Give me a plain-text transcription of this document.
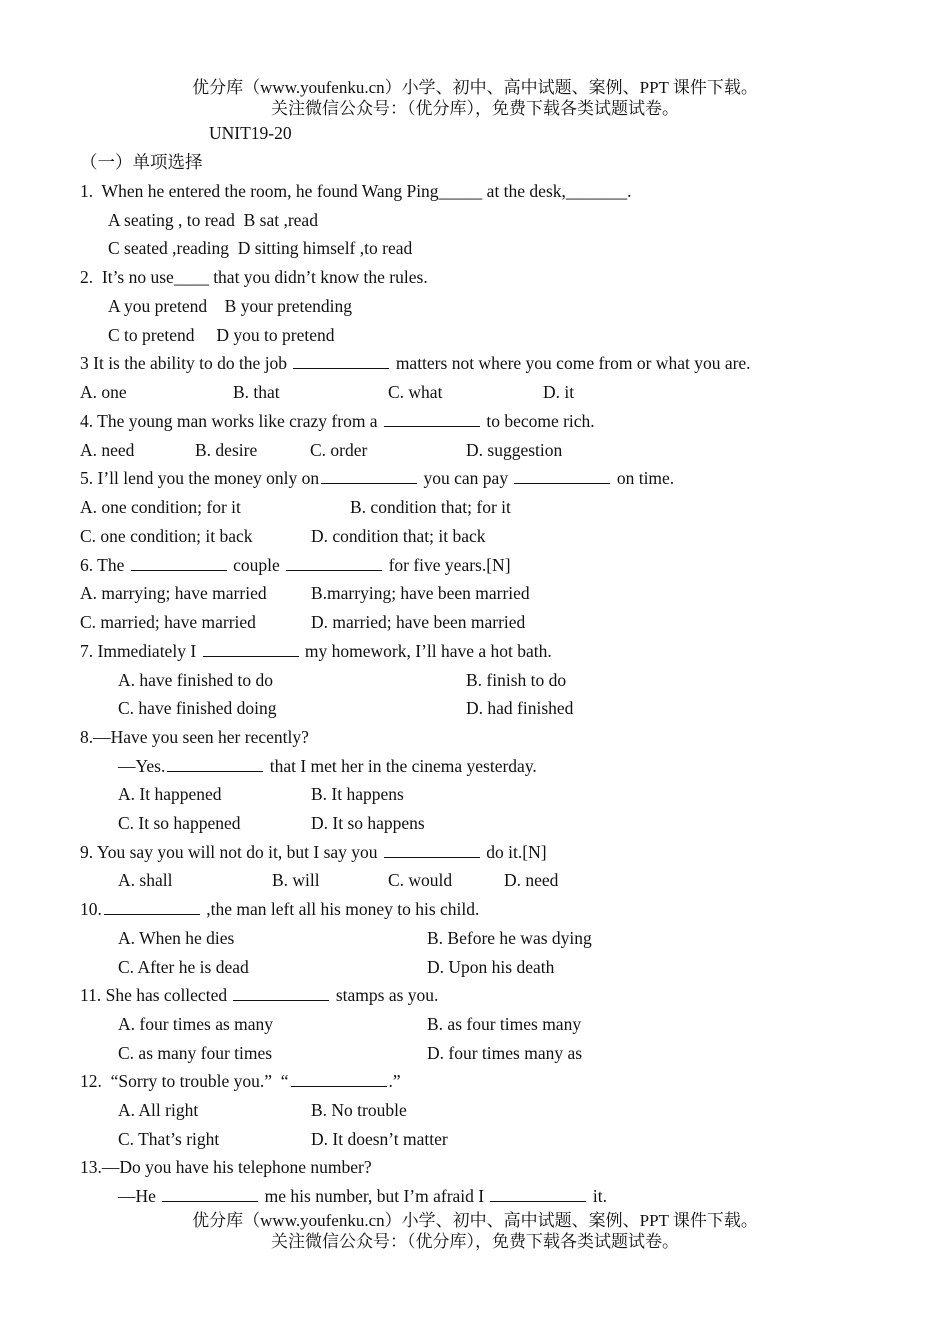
优分库（www.youfenku.cn）小学、初中、高中试题、案例、PPT 课件下载。
关注微信公众号：（优分库），免费下载各类试题试卷。
UNIT19-20
（一）单项选择
1.  When he entered the room, he found Wang Ping_____ at the desk,_______.
A seating , to read  B sat ,read
C seated ,reading  D sitting himself ,to read
2.  It’s no use____ that you didn’t know the rules.
A you pretend    B your pretending
C to pretend     D you to pretend
3 It is the ability to do the job	matters not where you come from or what you are.
A. one	B. that	C. what	D. it
4. The young man works like crazy from a	to become rich.
A. need	B. desire	C. order	D. suggestion
5. I’ll lend you the money only on	you can pay	on time.
A. one condition; for it	B. condition that; for it
C. one condition; it back	D. condition that; it back
6. The	couple	for five years.[N]
A. marrying; have married	B.marrying; have been married
C. married; have married	D. married; have been married
7. Immediately I	my homework, I’ll have a hot bath.
A. have finished to do	B. finish to do
C. have finished doing	D. had finished
8.—Have you seen her recently?
—Yes.	that I met her in the cinema yesterday.
A. It happened	B. It happens
C. It so happened	D. It so happens
9. You say you will not do it, but I say you	do it.[N]
A. shall	B. will	C. would	D. need
10.	,the man left all his money to his child.
A. When he dies	B. Before he was dying
C. After he is dead	D. Upon his death
11. She has collected	stamps as you.
A. four times as many	B. as four times many
C. as many four times	D. four times many as
12.  “Sorry to trouble you.”  “	.”
A. All right	B. No trouble
C. That’s right	D. It doesn’t matter
13.—Do you have his telephone number?
—He	me his number, but I’m afraid I	it.
优分库（www.youfenku.cn）小学、初中、高中试题、案例、PPT 课件下载。
关注微信公众号：（优分库），免费下载各类试题试卷。
